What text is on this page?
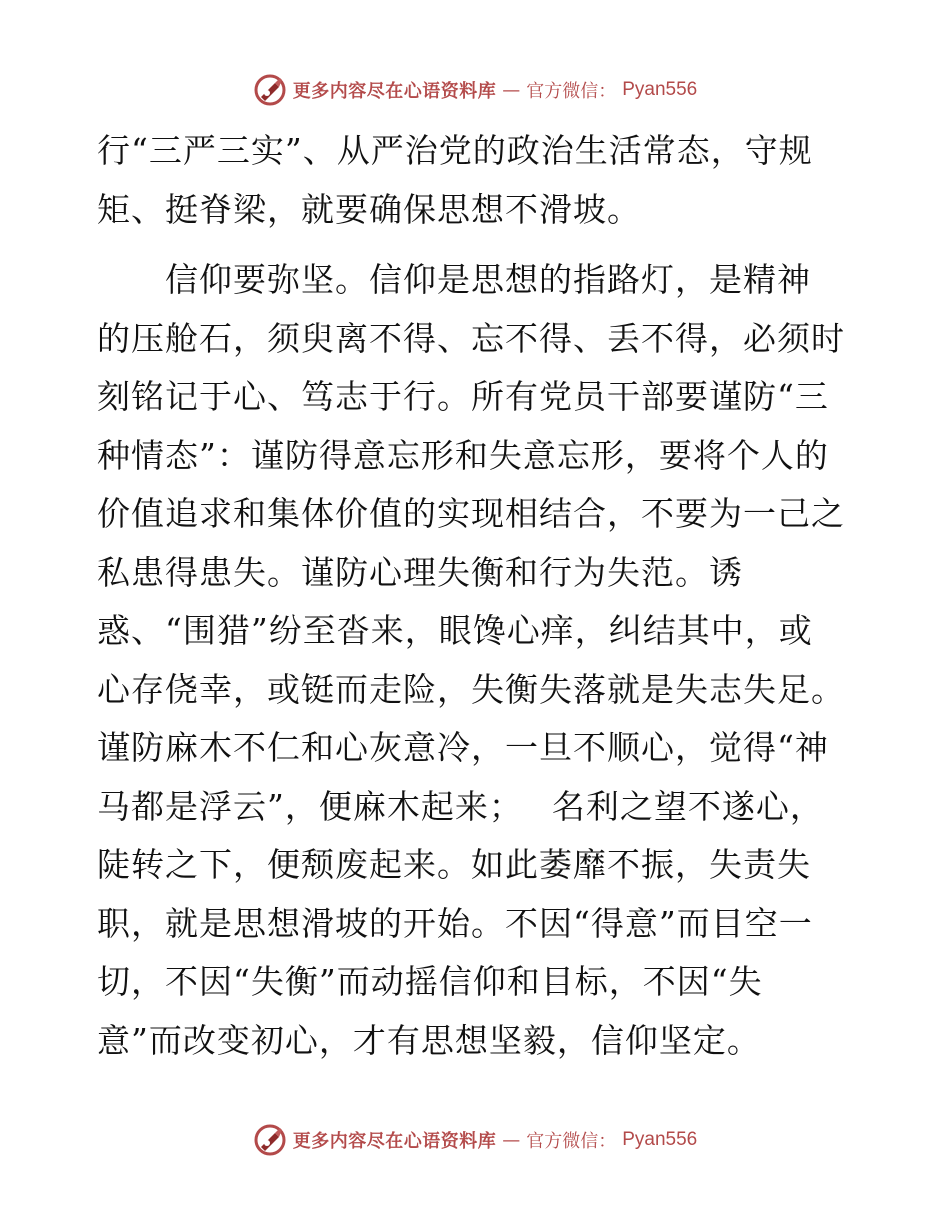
更多内容尽在心语资料库 — 官方微信： Pyan556
行“三严三实”、从严治党的政治生活常态，守规
矩、挺脊梁，就要确保思想不滑坡。
　　信仰要弥坚。信仰是思想的指路灯，是精神
的压舱石，须臾离不得、忘不得、丢不得，必须时
刻铭记于心、笃志于行。所有党员干部要谨防“三
种情态”：谨防得意忘形和失意忘形，要将个人的
价值追求和集体价值的实现相结合，不要为一己之
私患得患失。谨防心理失衡和行为失范。诱
惑、“围猎”纷至沓来，眼馋心痒，纠结其中，或
心存侥幸，或铤而走险，失衡失落就是失志失足。
谨防麻木不仁和心灰意冷，一旦不顺心，觉得“神
马都是浮云”，便麻木起来；　 名利之望不遂心，
陡转之下，便颓废起来。如此萎靡不振，失责失
职，就是思想滑坡的开始。不因“得意”而目空一
切，不因“失衡”而动摇信仰和目标，不因“失
意”而改变初心，才有思想坚毅，信仰坚定。
更多内容尽在心语资料库 — 官方微信： Pyan556
